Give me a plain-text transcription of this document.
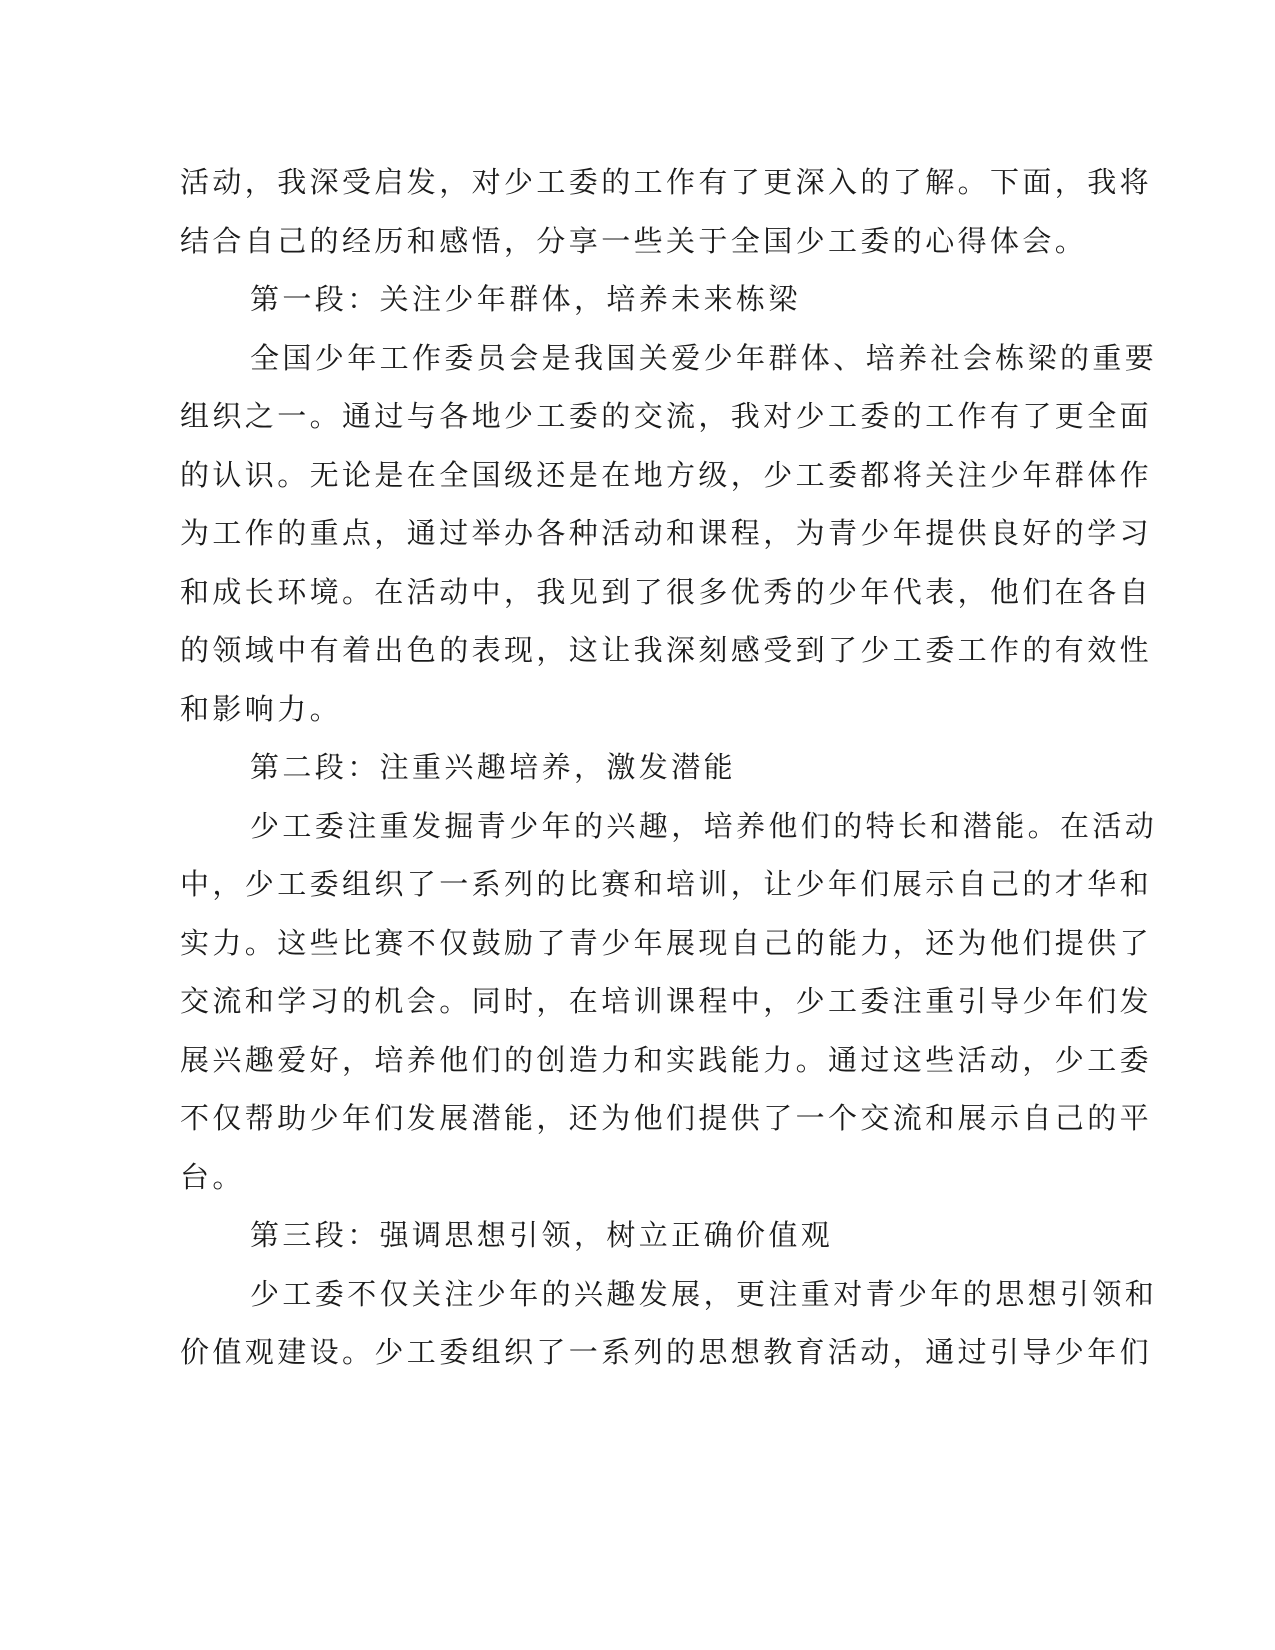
活动，我深受启发，对少工委的工作有了更深入的了解。下面，我将
结合自己的经历和感悟，分享一些关于全国少工委的心得体会。
第一段：关注少年群体，培养未来栋梁
全国少年工作委员会是我国关爱少年群体、培养社会栋梁的重要
组织之一。通过与各地少工委的交流，我对少工委的工作有了更全面
的认识。无论是在全国级还是在地方级，少工委都将关注少年群体作
为工作的重点，通过举办各种活动和课程，为青少年提供良好的学习
和成长环境。在活动中，我见到了很多优秀的少年代表，他们在各自
的领域中有着出色的表现，这让我深刻感受到了少工委工作的有效性
和影响力。
第二段：注重兴趣培养，激发潜能
少工委注重发掘青少年的兴趣，培养他们的特长和潜能。在活动
中，少工委组织了一系列的比赛和培训，让少年们展示自己的才华和
实力。这些比赛不仅鼓励了青少年展现自己的能力，还为他们提供了
交流和学习的机会。同时，在培训课程中，少工委注重引导少年们发
展兴趣爱好，培养他们的创造力和实践能力。通过这些活动，少工委
不仅帮助少年们发展潜能，还为他们提供了一个交流和展示自己的平
台。
第三段：强调思想引领，树立正确价值观
少工委不仅关注少年的兴趣发展，更注重对青少年的思想引领和
价值观建设。少工委组织了一系列的思想教育活动，通过引导少年们
